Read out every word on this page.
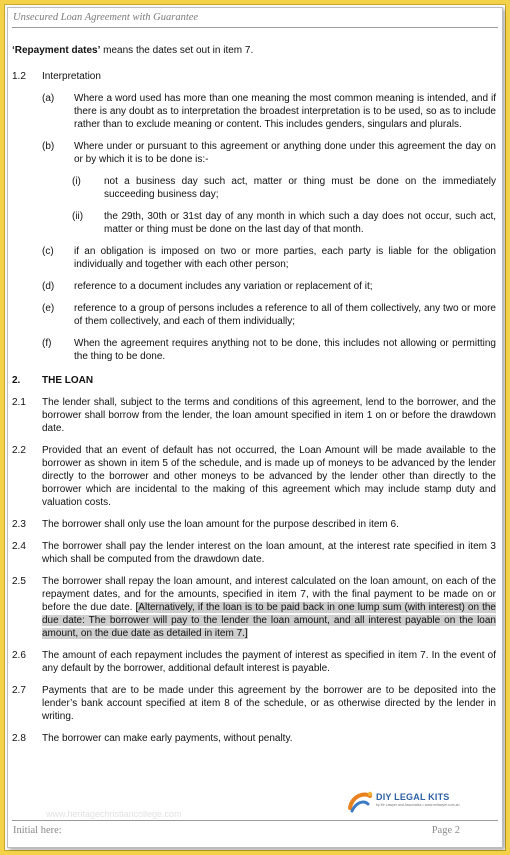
Unsecured Loan Agreement with Guarantee
‘Repayment dates’ means the dates set out in item 7.
1.2 Interpretation
(a) Where a word used has more than one meaning the most common meaning is intended, and if there is any doubt as to interpretation the broadest interpretation is to be used, so as to include rather than to exclude meaning or content. This includes genders, singulars and plurals.
(b) Where under or pursuant to this agreement or anything done under this agreement the day on or by which it is to be done is:-
(i) not a business day such act, matter or thing must be done on the immediately succeeding business day;
(ii) the 29th, 30th or 31st day of any month in which such a day does not occur, such act, matter or thing must be done on the last day of that month.
(c) if an obligation is imposed on two or more parties, each party is liable for the obligation individually and together with each other person;
(d) reference to a document includes any variation or replacement of it;
(e) reference to a group of persons includes a reference to all of them collectively, any two or more of them collectively, and each of them individually;
(f) When the agreement requires anything not to be done, this includes not allowing or permitting the thing to be done.
2. THE LOAN
2.1 The lender shall, subject to the terms and conditions of this agreement, lend to the borrower, and the borrower shall borrow from the lender, the loan amount specified in item 1 on or before the drawdown date.
2.2 Provided that an event of default has not occurred, the Loan Amount will be made available to the borrower as shown in item 5 of the schedule, and is made up of moneys to be advanced by the lender directly to the borrower and other moneys to be advanced by the lender other than directly to the borrower which are incidental to the making of this agreement which may include stamp duty and valuation costs.
2.3 The borrower shall only use the loan amount for the purpose described in item 6.
2.4 The borrower shall pay the lender interest on the loan amount, at the interest rate specified in item 3 which shall be computed from the drawdown date.
2.5 The borrower shall repay the loan amount, and interest calculated on the loan amount, on each of the repayment dates, and for the amounts, specified in item 7, with the final payment to be made on or before the due date. [Alternatively, if the loan is to be paid back in one lump sum (with interest) on the due date: The borrower will pay to the lender the loan amount, and all interest payable on the loan amount, on the due date as detailed in item 7.]
2.6 The amount of each repayment includes the payment of interest as specified in item 7. In the event of any default by the borrower, additional default interest is payable.
2.7 Payments that are to be made under this agreement by the borrower are to be deposited into the lender’s bank account specified at item 8 of the schedule, or as otherwise directed by the lender in writing.
2.8 The borrower can make early payments, without penalty.
DIY LEGAL KITS
by Mr Lawyer and Associates • www.mrlawyer.com.au
www.heritagechristiancollege.com
Initial here:	Page 2
